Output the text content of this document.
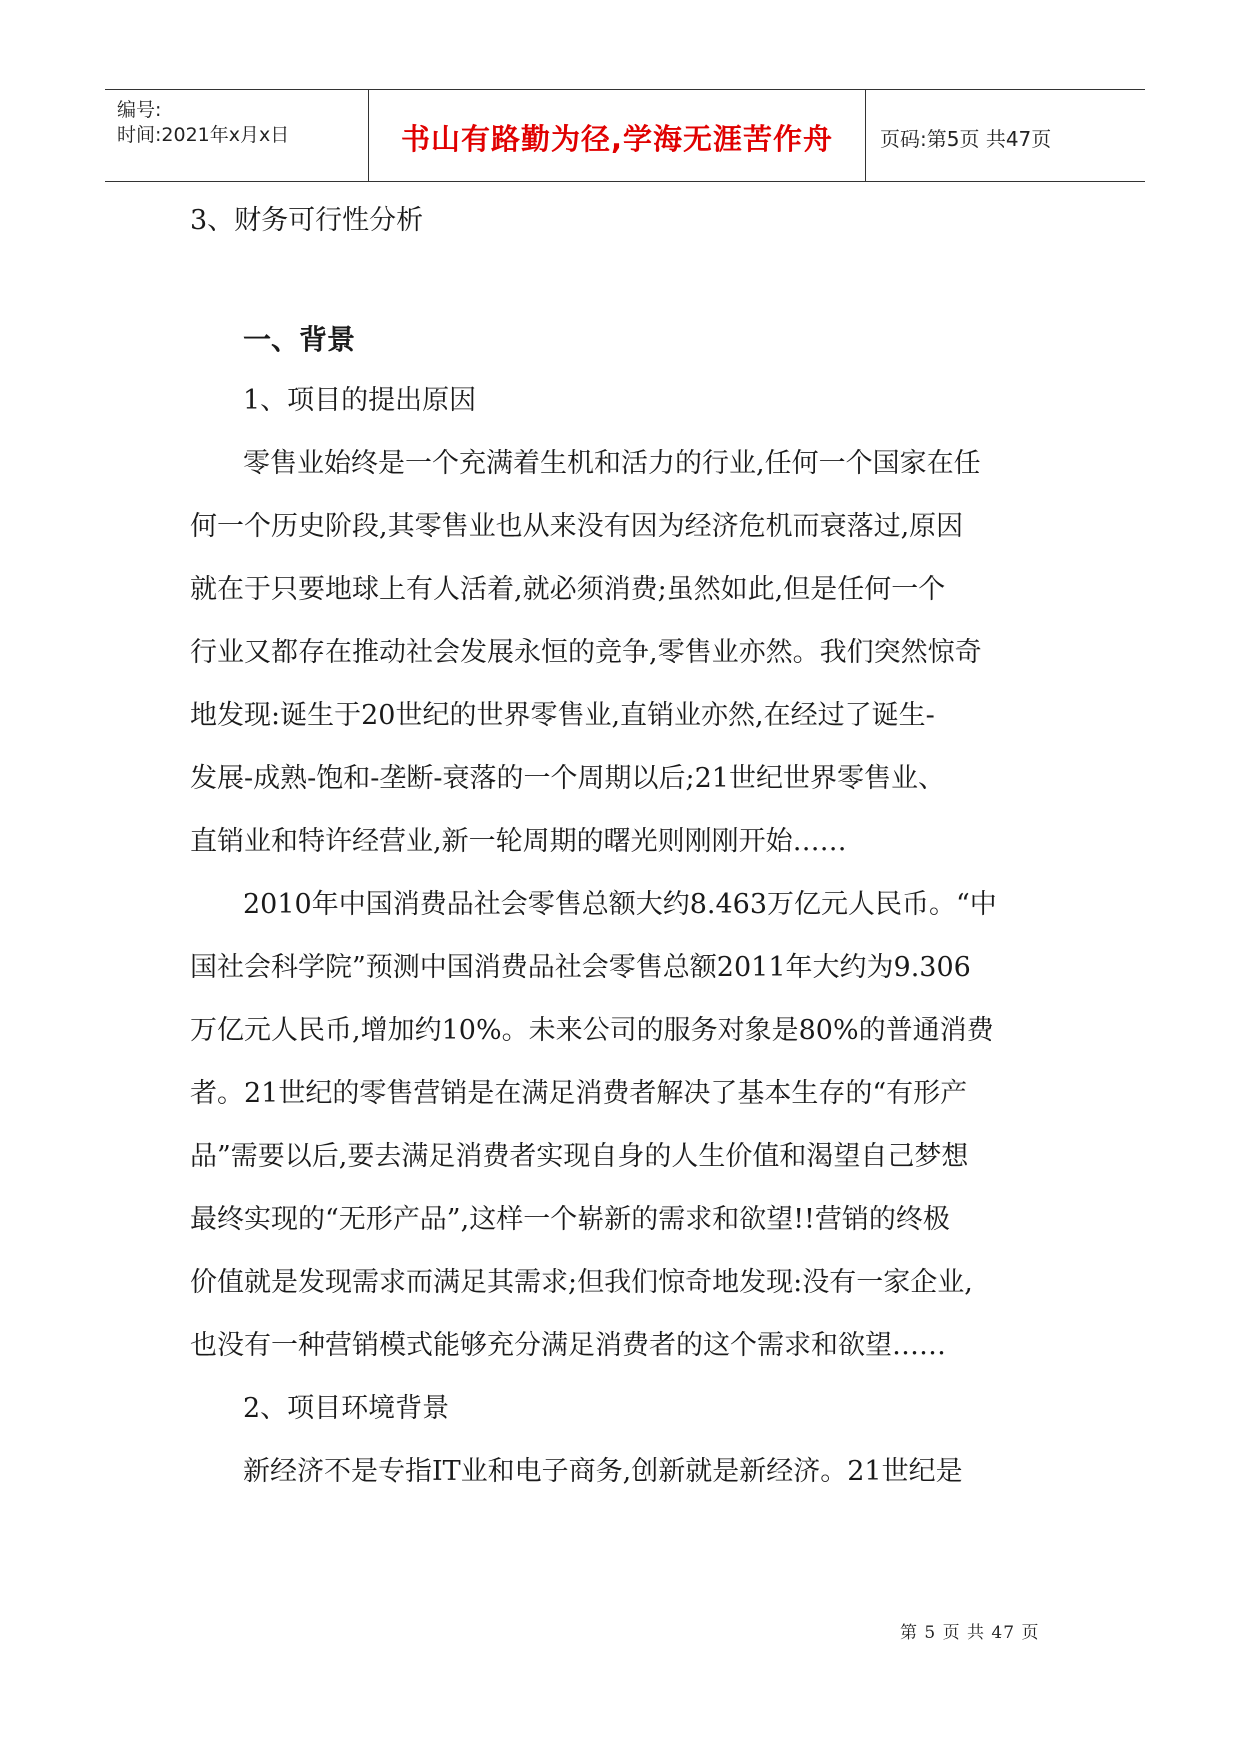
编号:
时间:2021年x月x日	书山有路勤为径,学海无涯苦作舟	页码:第5页 共47页
3、财务可行性分析
一、背景
1、项目的提出原因
零售业始终是一个充满着生机和活力的行业,任何一个国家在任
何一个历史阶段,其零售业也从来没有因为经济危机而衰落过,原因
就在于只要地球上有人活着,就必须消费;虽然如此,但是任何一个
行业又都存在推动社会发展永恒的竞争,零售业亦然。我们突然惊奇
地发现:诞生于20世纪的世界零售业,直销业亦然,在经过了诞生-
发展-成熟-饱和-垄断-衰落的一个周期以后;21世纪世界零售业、
直销业和特许经营业,新一轮周期的曙光则刚刚开始……
2010年中国消费品社会零售总额大约8.463万亿元人民币。“中
国社会科学院”预测中国消费品社会零售总额2011年大约为9.306
万亿元人民币,增加约10%。未来公司的服务对象是80%的普通消费
者。21世纪的零售营销是在满足消费者解决了基本生存的“有形产
品”需要以后,要去满足消费者实现自身的人生价值和渴望自己梦想
最终实现的“无形产品”,这样一个崭新的需求和欲望!!营销的终极
价值就是发现需求而满足其需求;但我们惊奇地发现:没有一家企业,
也没有一种营销模式能够充分满足消费者的这个需求和欲望……
2、项目环境背景
新经济不是专指IT业和电子商务,创新就是新经济。21世纪是
第 5 页 共 47 页
